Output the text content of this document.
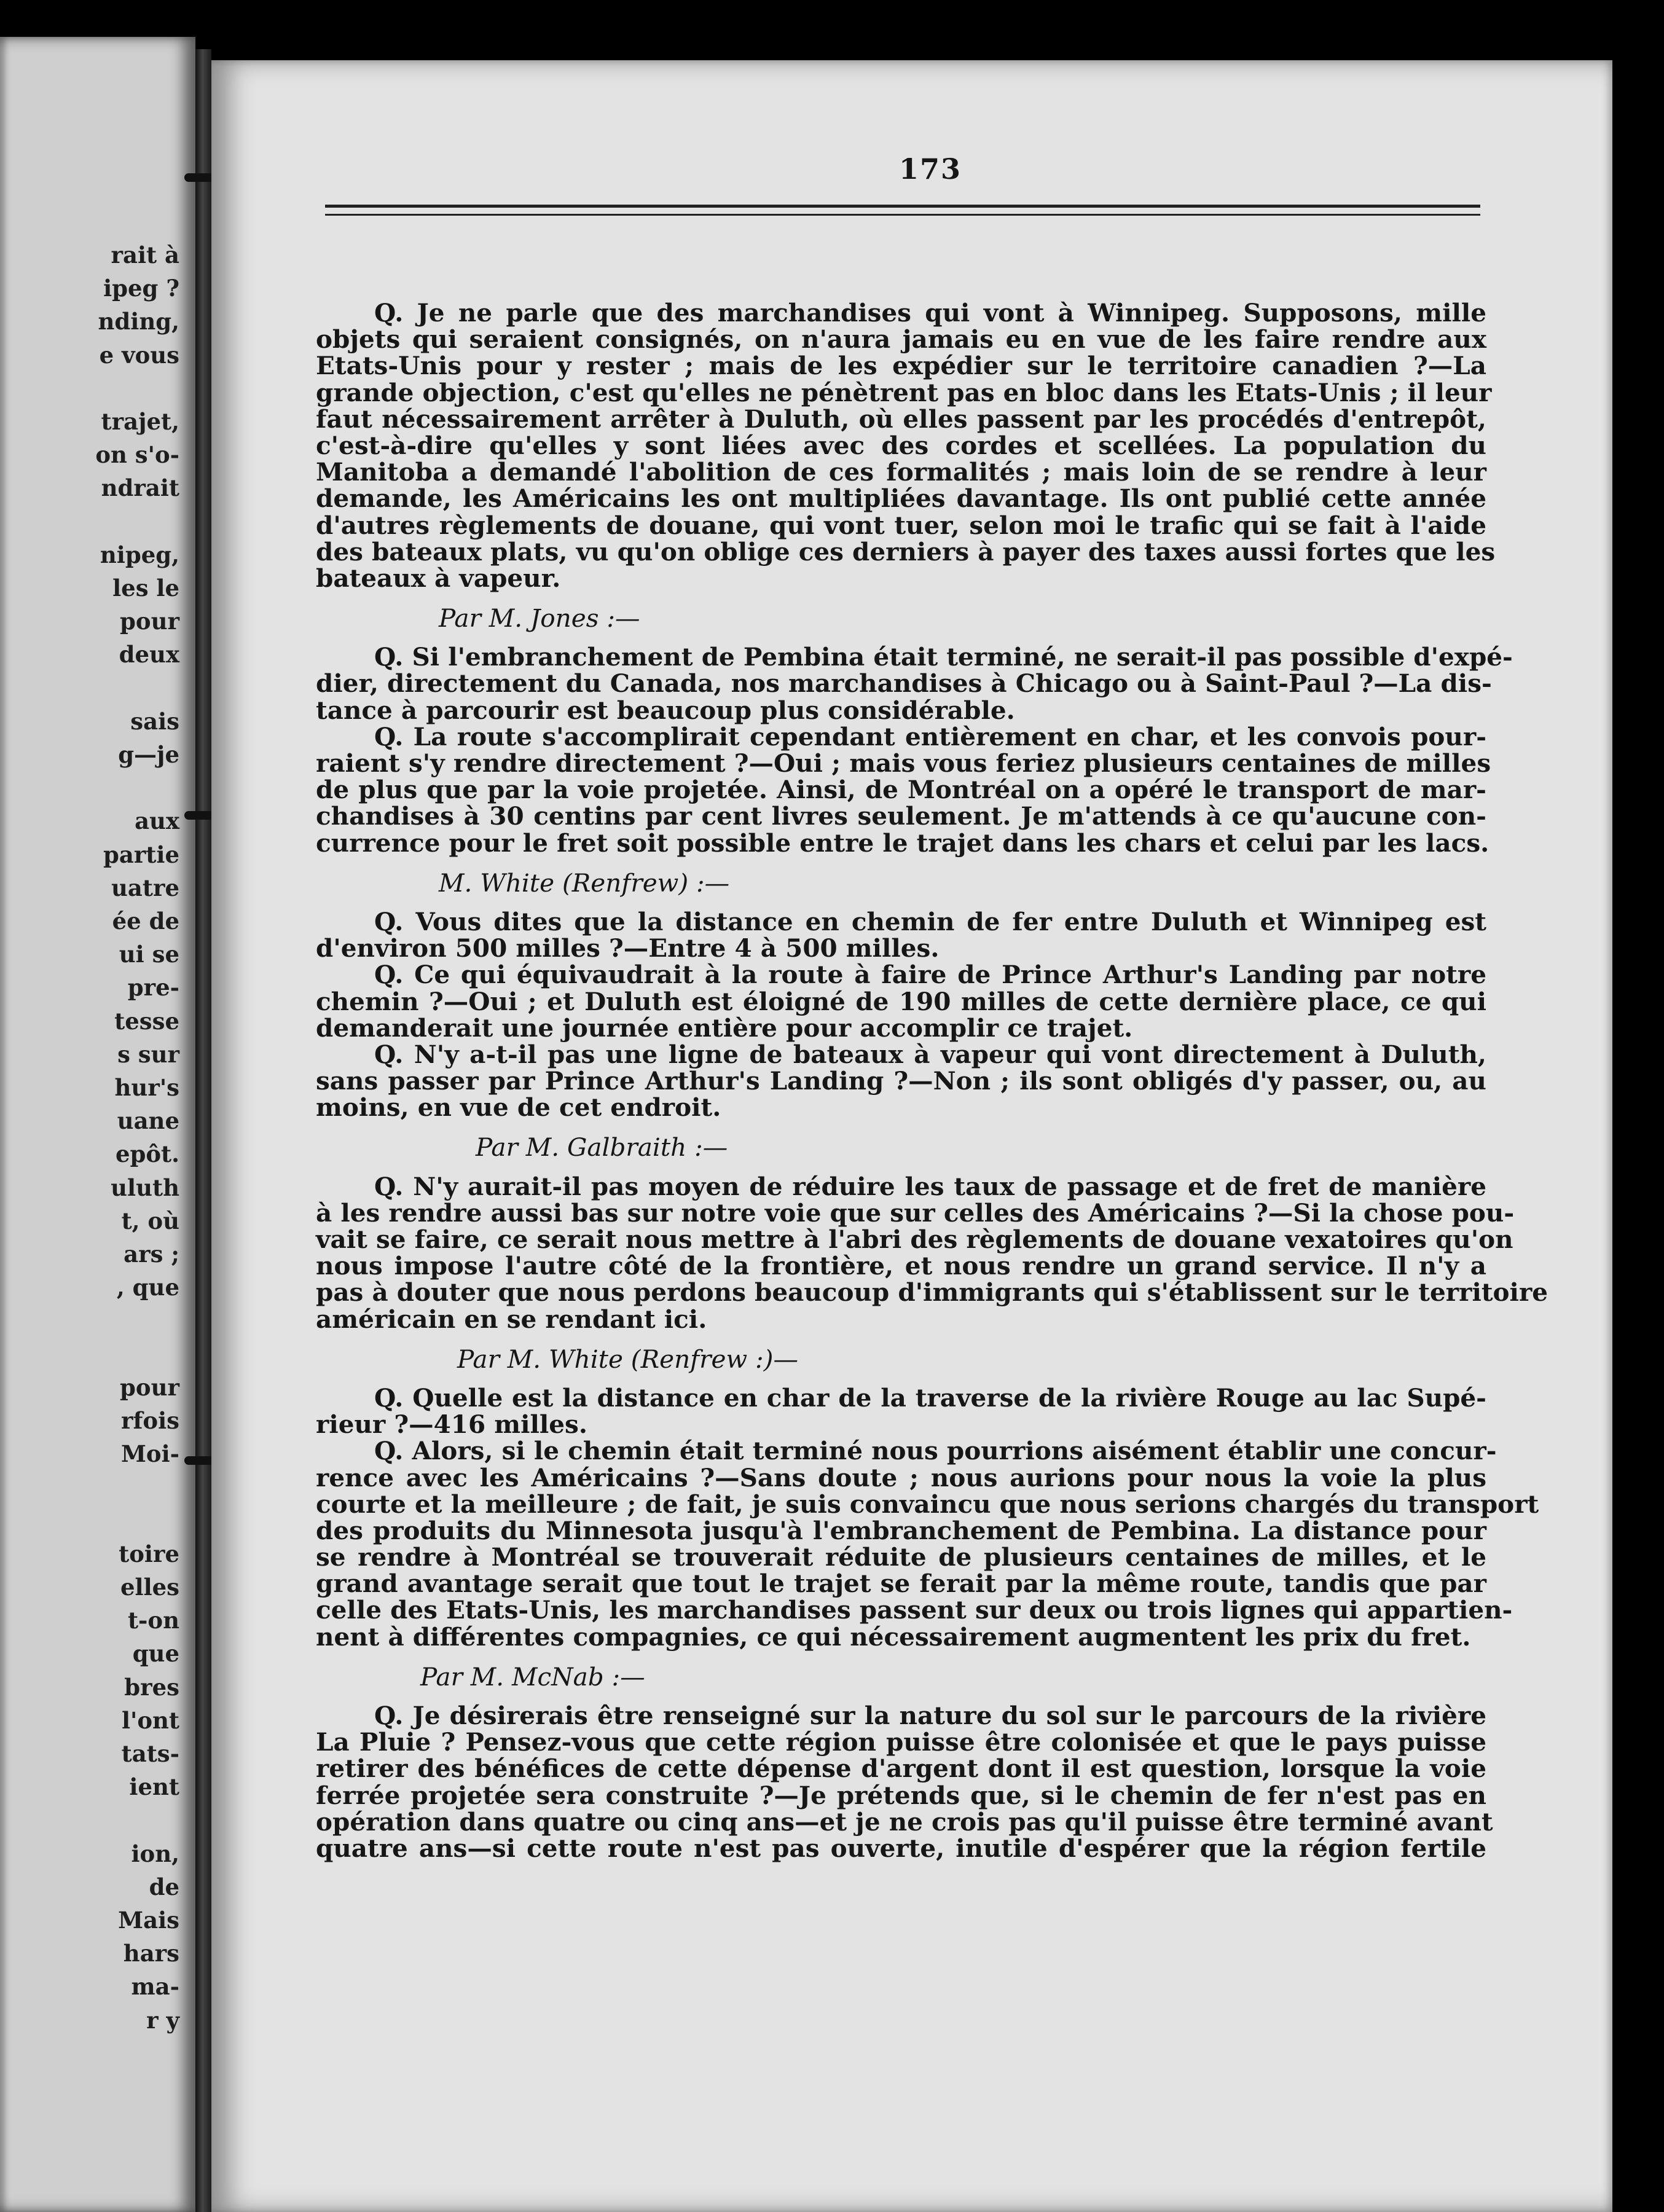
rait à
ipeg ?
nding,
e vous
trajet,
on s'o-
ndrait
nipeg,
les le
pour
deux
sais
g—je
aux
partie
uatre
ée de
ui se
pre-
tesse
s sur
hur's
uane
epôt.
uluth
t, où
ars ;
, que
pour
rfois
Moi-
toire
elles
t-on
que
bres
l'ont
tats-
ient
ion,
de
Mais
hars
ma-
r y
173
Q. Je ne parle que des marchandises qui vont à Winnipeg. Supposons, mille
objets qui seraient consignés, on n'aura jamais eu en vue de les faire rendre aux
Etats-Unis pour y rester ; mais de les expédier sur le territoire canadien ?—La
grande objection, c'est qu'elles ne pénètrent pas en bloc dans les Etats-Unis ; il leur
faut nécessairement arrêter à Duluth, où elles passent par les procédés d'entrepôt,
c'est-à-dire qu'elles y sont liées avec des cordes et scellées. La population du
Manitoba a demandé l'abolition de ces formalités ; mais loin de se rendre à leur
demande, les Américains les ont multipliées davantage. Ils ont publié cette année
d'autres règlements de douane, qui vont tuer, selon moi le trafic qui se fait à l'aide
des bateaux plats, vu qu'on oblige ces derniers à payer des taxes aussi fortes que les
bateaux à vapeur.
Par M. Jones :—
Q. Si l'embranchement de Pembina était terminé, ne serait-il pas possible d'expé-
dier, directement du Canada, nos marchandises à Chicago ou à Saint-Paul ?—La dis-
tance à parcourir est beaucoup plus considérable.
Q. La route s'accomplirait cependant entièrement en char, et les convois pour-
raient s'y rendre directement ?—Oui ; mais vous feriez plusieurs centaines de milles
de plus que par la voie projetée. Ainsi, de Montréal on a opéré le transport de mar-
chandises à 30 centins par cent livres seulement. Je m'attends à ce qu'aucune con-
currence pour le fret soit possible entre le trajet dans les chars et celui par les lacs.
M. White (Renfrew) :—
Q. Vous dites que la distance en chemin de fer entre Duluth et Winnipeg est
d'environ 500 milles ?—Entre 4 à 500 milles.
Q. Ce qui équivaudrait à la route à faire de Prince Arthur's Landing par notre
chemin ?—Oui ; et Duluth est éloigné de 190 milles de cette dernière place, ce qui
demanderait une journée entière pour accomplir ce trajet.
Q. N'y a-t-il pas une ligne de bateaux à vapeur qui vont directement à Duluth,
sans passer par Prince Arthur's Landing ?—Non ; ils sont obligés d'y passer, ou, au
moins, en vue de cet endroit.
Par M. Galbraith :—
Q. N'y aurait-il pas moyen de réduire les taux de passage et de fret de manière
à les rendre aussi bas sur notre voie que sur celles des Américains ?—Si la chose pou-
vait se faire, ce serait nous mettre à l'abri des règlements de douane vexatoires qu'on
nous impose l'autre côté de la frontière, et nous rendre un grand service. Il n'y a
pas à douter que nous perdons beaucoup d'immigrants qui s'établissent sur le territoire
américain en se rendant ici.
Par M. White (Renfrew :)—
Q. Quelle est la distance en char de la traverse de la rivière Rouge au lac Supé-
rieur ?—416 milles.
Q. Alors, si le chemin était terminé nous pourrions aisément établir une concur-
rence avec les Américains ?—Sans doute ; nous aurions pour nous la voie la plus
courte et la meilleure ; de fait, je suis convaincu que nous serions chargés du transport
des produits du Minnesota jusqu'à l'embranchement de Pembina. La distance pour
se rendre à Montréal se trouverait réduite de plusieurs centaines de milles, et le
grand avantage serait que tout le trajet se ferait par la même route, tandis que par
celle des Etats-Unis, les marchandises passent sur deux ou trois lignes qui appartien-
nent à différentes compagnies, ce qui nécessairement augmentent les prix du fret.
Par M. McNab :—
Q. Je désirerais être renseigné sur la nature du sol sur le parcours de la rivière
La Pluie ? Pensez-vous que cette région puisse être colonisée et que le pays puisse
retirer des bénéfices de cette dépense d'argent dont il est question, lorsque la voie
ferrée projetée sera construite ?—Je prétends que, si le chemin de fer n'est pas en
opération dans quatre ou cinq ans—et je ne crois pas qu'il puisse être terminé avant
quatre ans—si cette route n'est pas ouverte, inutile d'espérer que la région fertile
